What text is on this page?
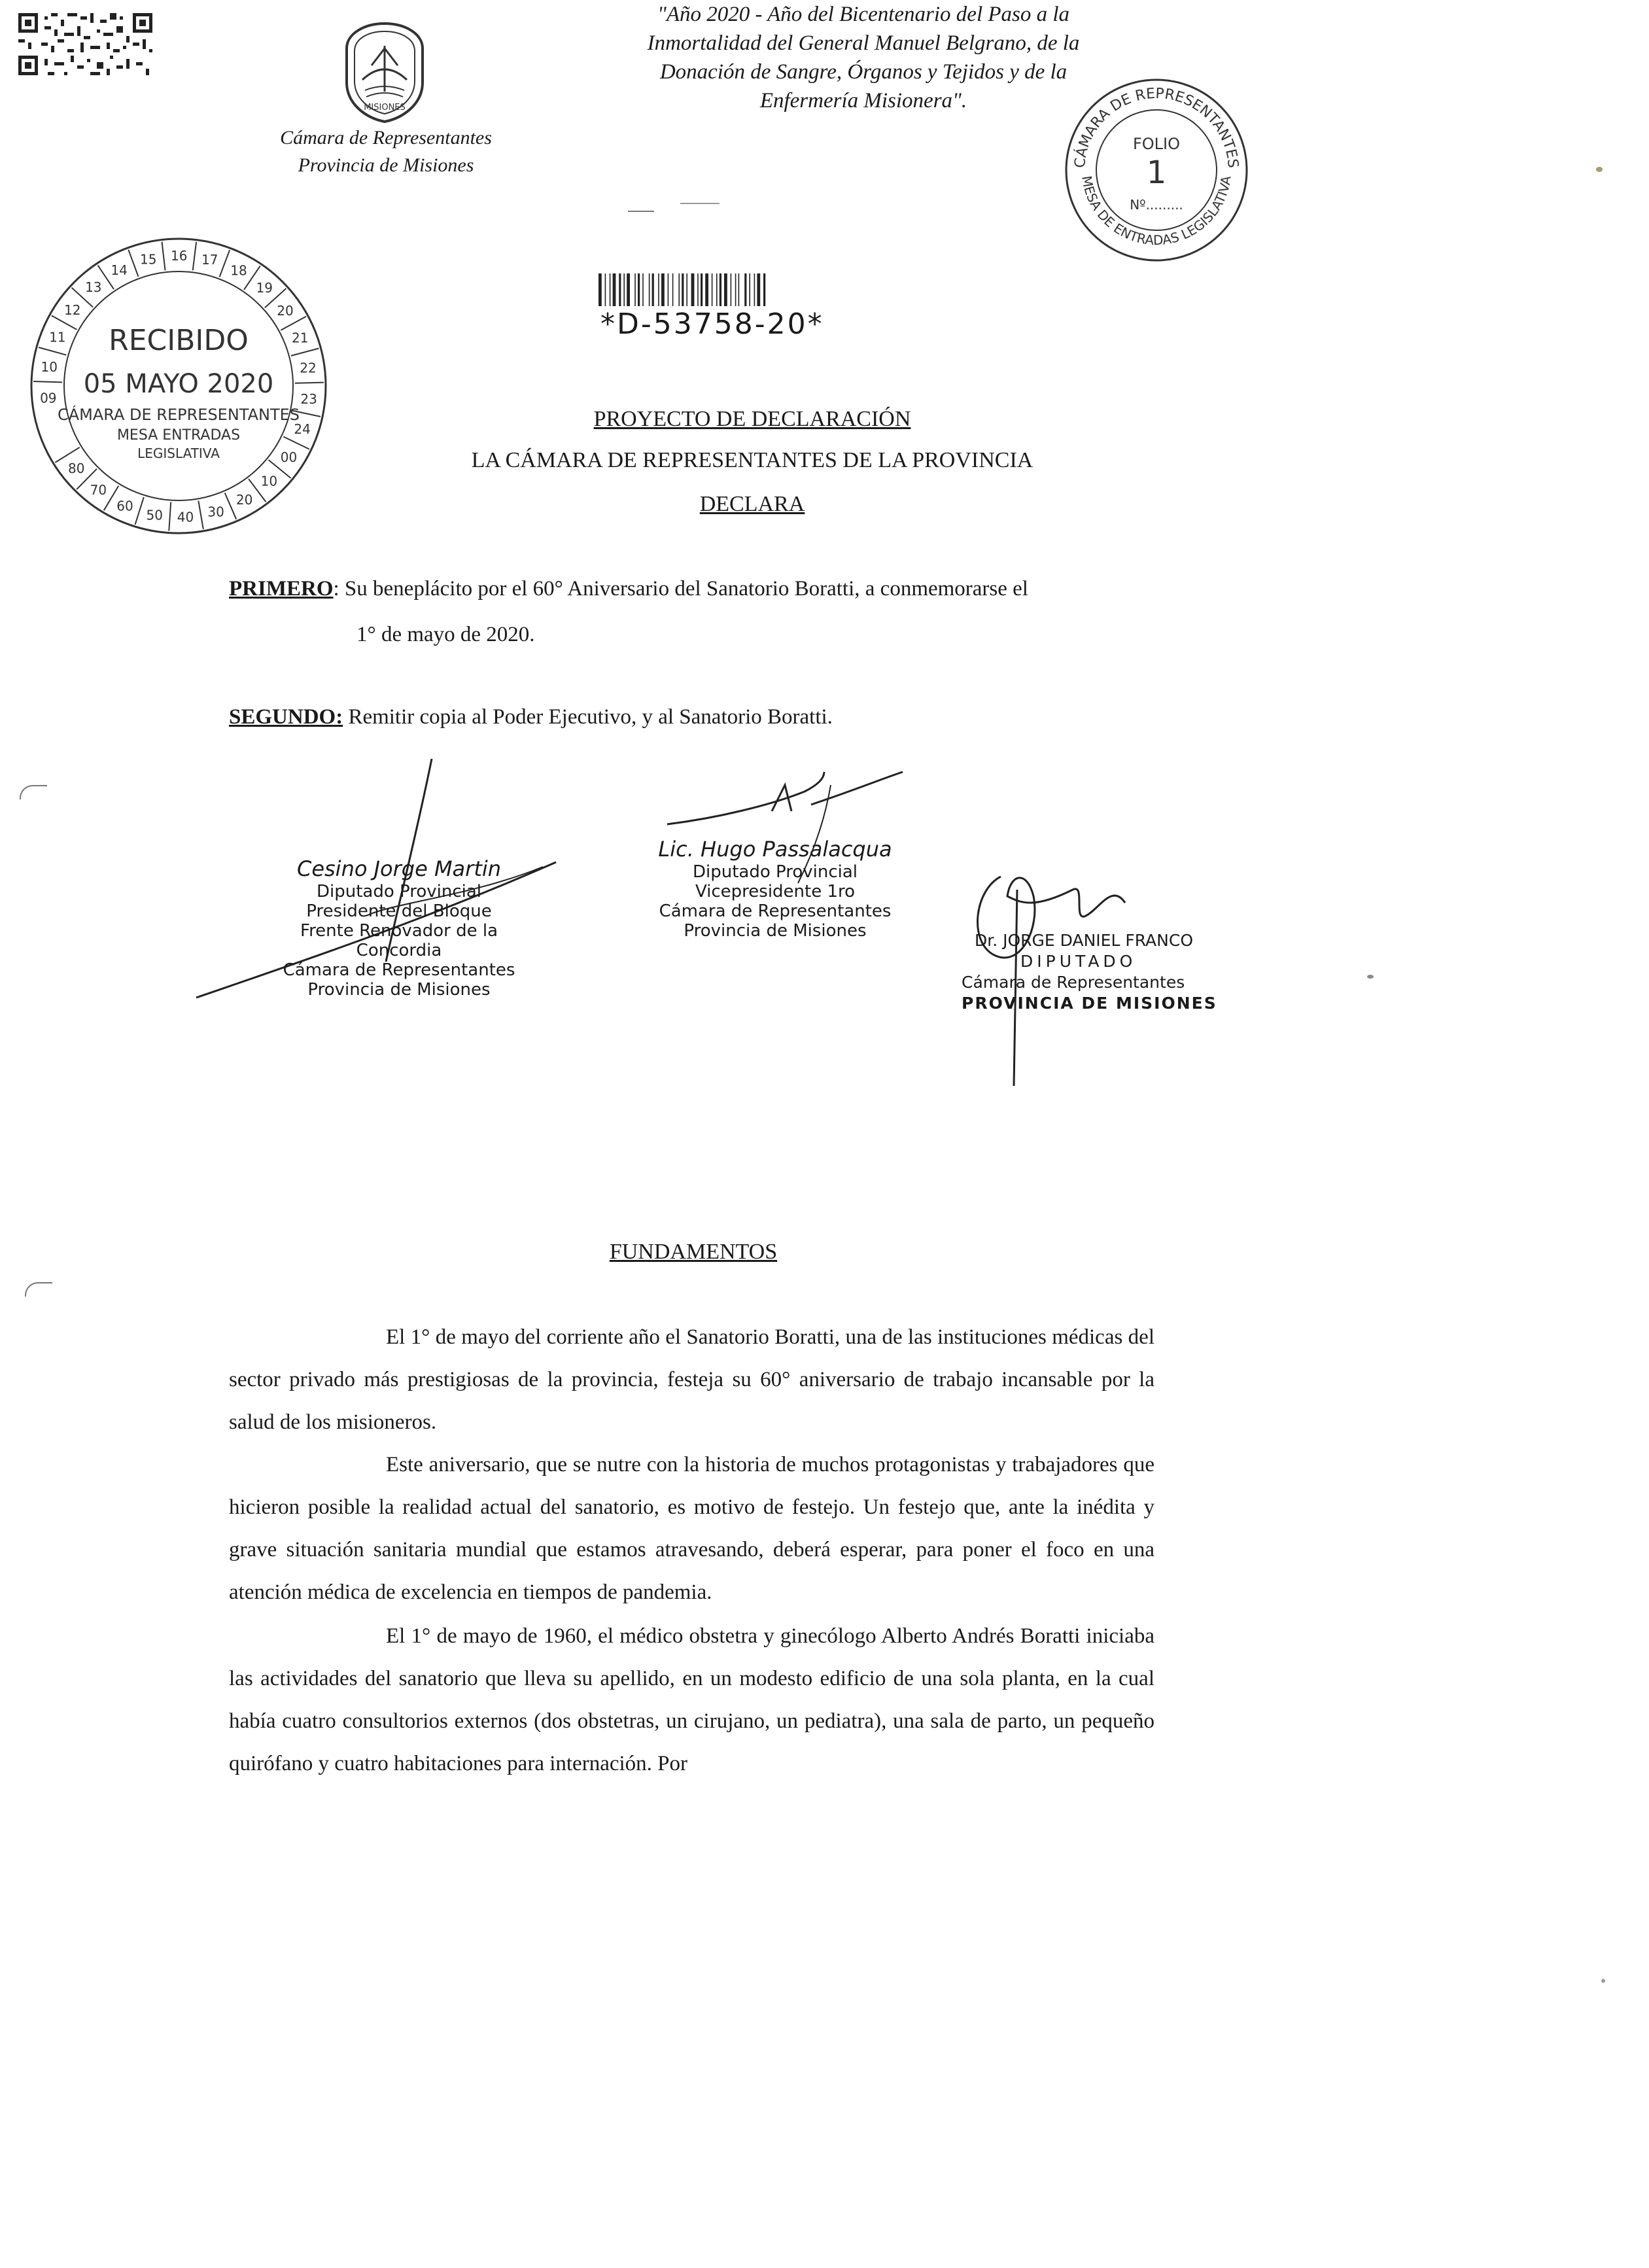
MISIONES
Cámara de Representantes
Provincia de Misiones
"Año 2020 - Año del Bicentenario del Paso a la
Inmortalidad del General Manuel Belgrano, de la
Donación de Sangre, Órganos y Tejidos y de la
Enfermería Misionera".
CÁMARA DE REPRESENTANTES
MESA DE ENTRADAS LEGISLATIVA
FOLIO
1
Nº.........
09
10
11
12
13
14
15 16 17
18
19
20
21
22
23
24
00
10
20
30
40
50
60
70
80
RECIBIDO
05 MAYO 2020
CÁMARA DE REPRESENTANTES
MESA ENTRADAS
LEGISLATIVA
*D-53758-20*
PROYECTO DE DECLARACIÓN
LA CÁMARA DE REPRESENTANTES DE LA PROVINCIA
DECLARA
PRIMERO: Su beneplácito por el 60° Aniversario del Sanatorio Boratti, a conmemorarse el
1° de mayo de 2020.
SEGUNDO: Remitir copia al Poder Ejecutivo, y al Sanatorio Boratti.
Cesino Jorge Martin
Diputado Provincial
Presidente del Bloque
Frente Renovador de la Concordia
Cámara de Representantes
Provincia de Misiones
Lic. Hugo Passalacqua
Diputado Provincial
Vicepresidente 1ro
Cámara de Representantes
Provincia de Misiones	Dr. JORGE DANIEL FRANCO
DIPUTADO
Cámara de Representantes
PROVINCIA DE MISIONES
FUNDAMENTOS

El 1° de mayo del corriente año el Sanatorio Boratti, una de las instituciones médicas del sector privado más prestigiosas de la provincia, festeja su 60° aniversario de trabajo incansable por la salud de los misioneros.

Este aniversario, que se nutre con la historia de muchos protagonistas y trabajadores que hicieron posible la realidad actual del sanatorio, es motivo de festejo. Un festejo que, ante la inédita y grave situación sanitaria mundial que estamos atravesando, deberá esperar, para poner el foco en una atención médica de excelencia en tiempos de pandemia.

El 1° de mayo de 1960, el médico obstetra y ginecólogo Alberto Andrés Boratti iniciaba las actividades del sanatorio que lleva su apellido, en un modesto edificio de una sola planta, en la cual había cuatro consultorios externos (dos obstetras, un cirujano, un pediatra), una sala de parto, un pequeño quirófano y cuatro habitaciones para internación. Por
